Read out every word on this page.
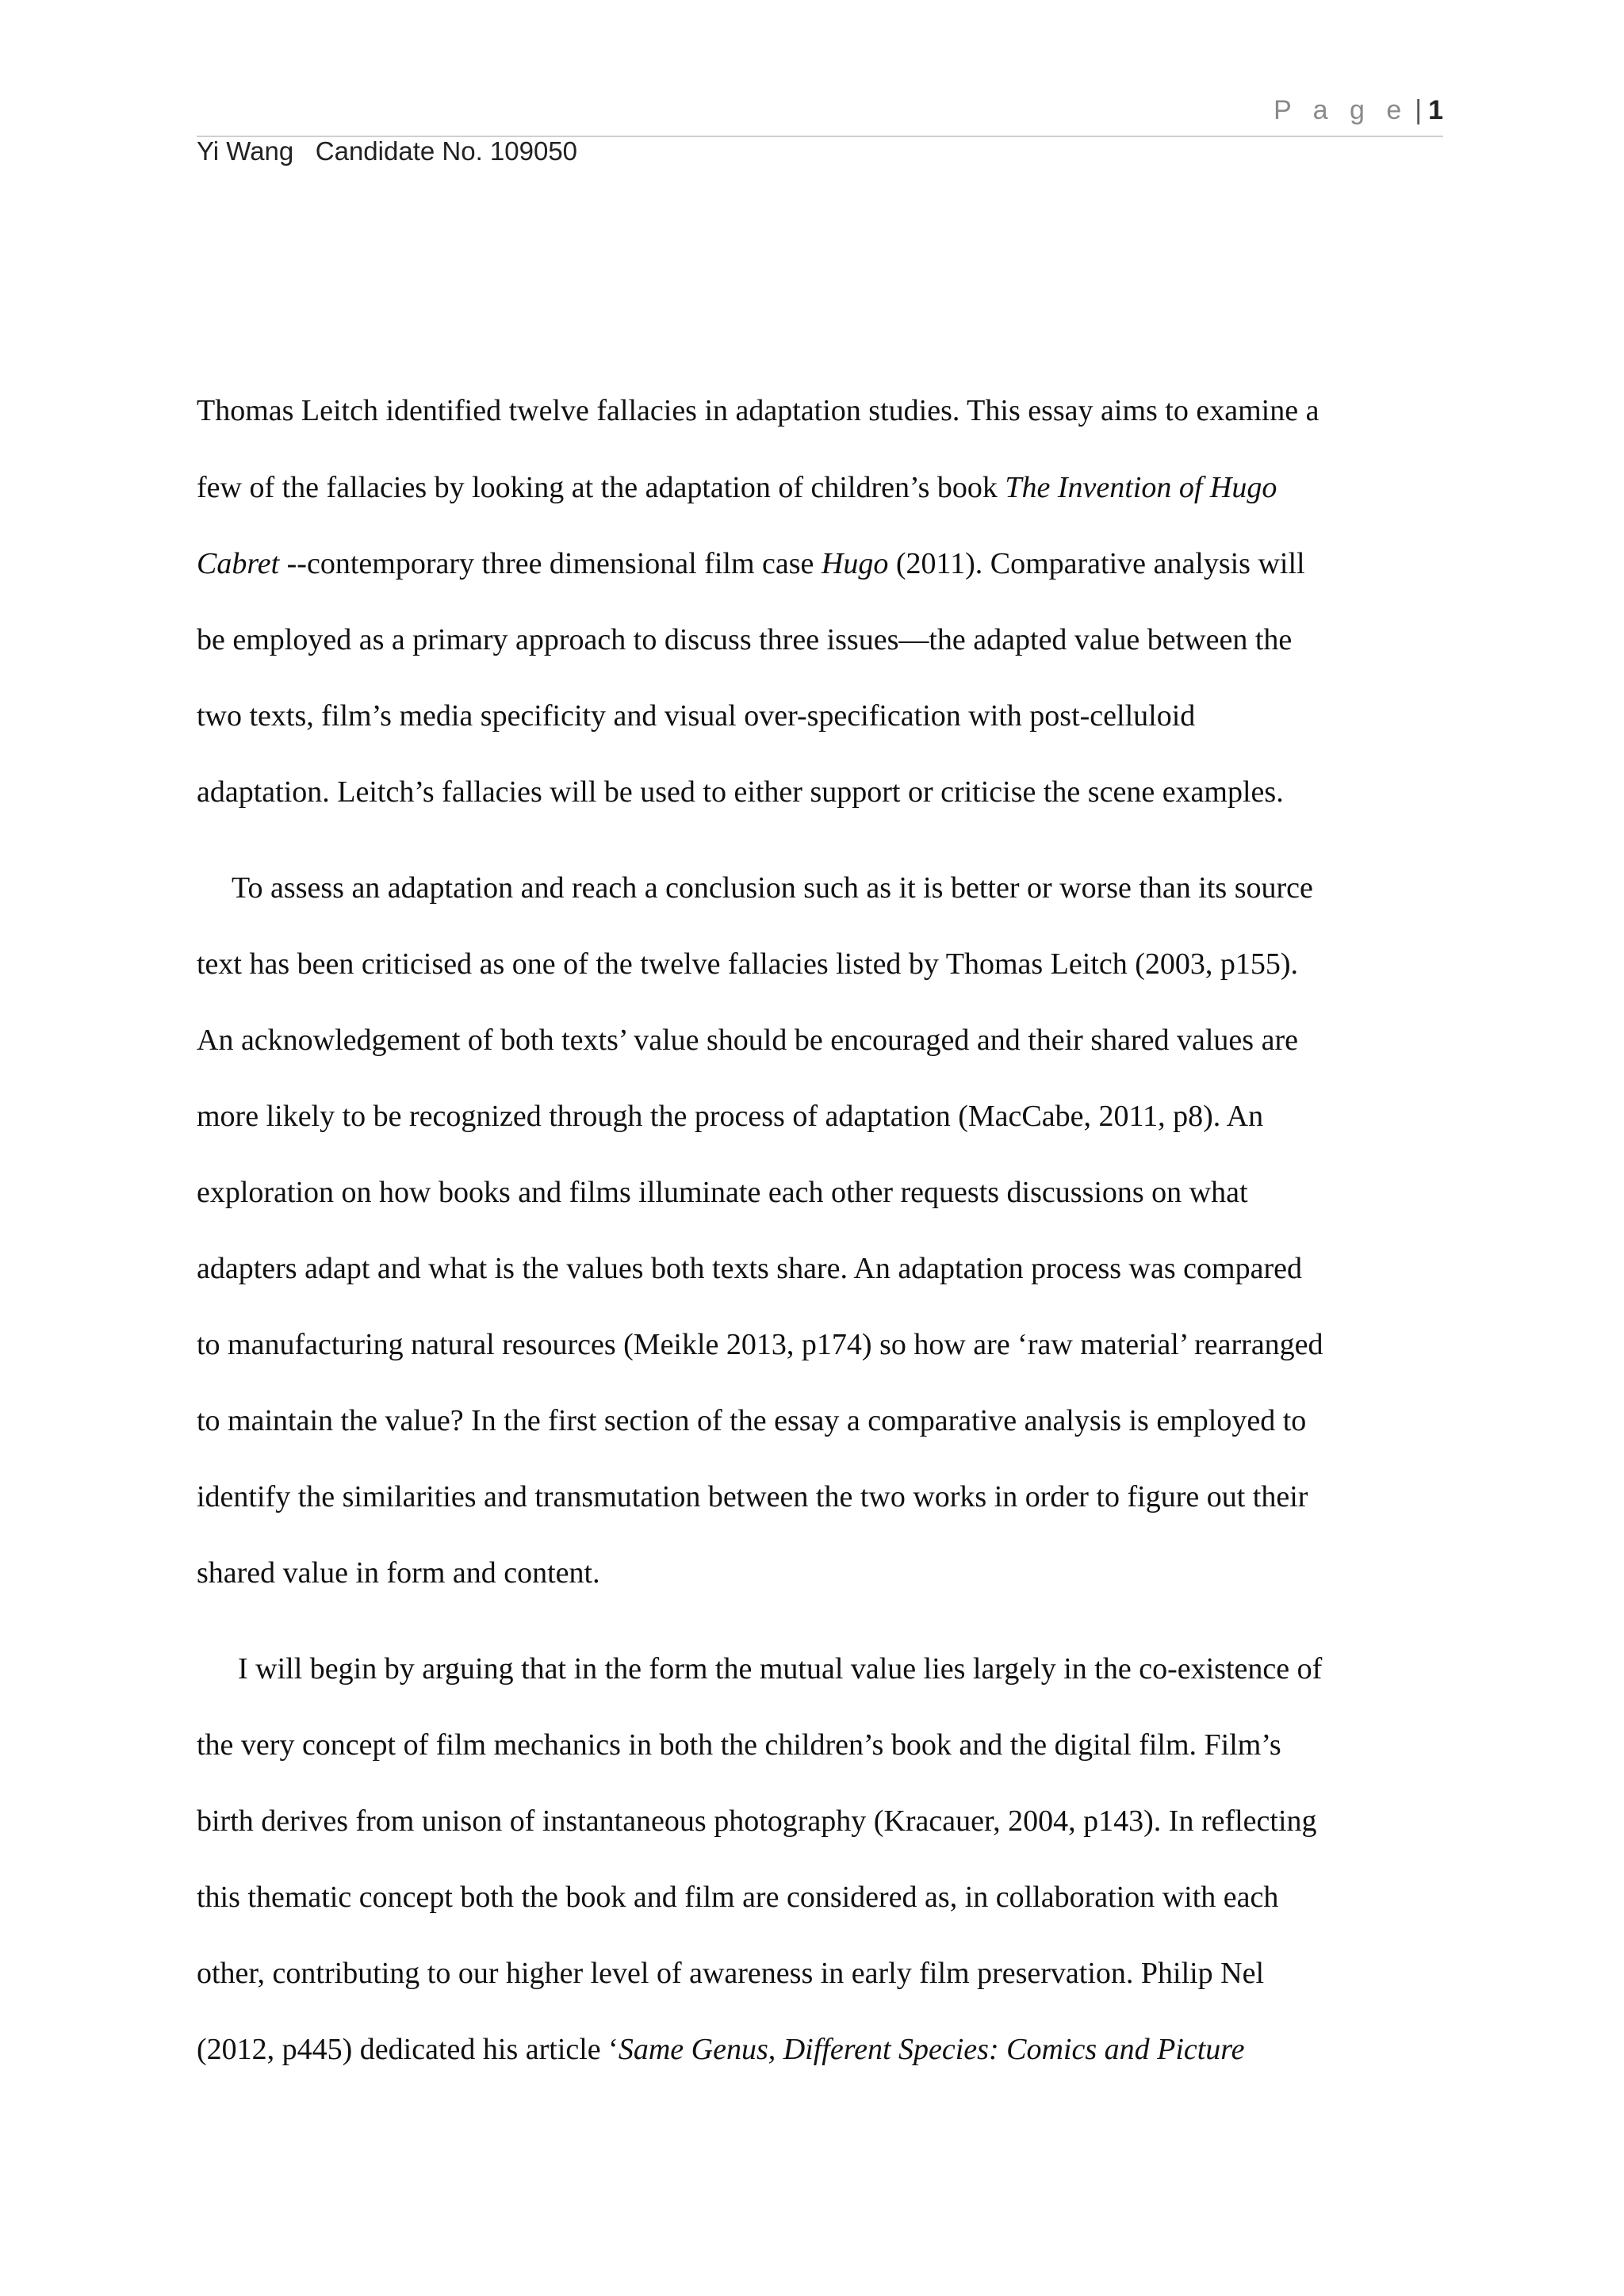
P a g e | 1
Yi Wang   Candidate No. 109050
Thomas Leitch identified twelve fallacies in adaptation studies. This essay aims to examine a
few of the fallacies by looking at the adaptation of children’s book The Invention of Hugo
Cabret --contemporary three dimensional film case Hugo (2011). Comparative analysis will
be employed as a primary approach to discuss three issues—the adapted value between the
two texts, film’s media specificity and visual over-specification with post-celluloid
adaptation. Leitch’s fallacies will be used to either support or criticise the scene examples.
To assess an adaptation and reach a conclusion such as it is better or worse than its source
text has been criticised as one of the twelve fallacies listed by Thomas Leitch (2003, p155).
An acknowledgement of both texts’ value should be encouraged and their shared values are
more likely to be recognized through the process of adaptation (MacCabe, 2011, p8). An
exploration on how books and films illuminate each other requests discussions on what
adapters adapt and what is the values both texts share. An adaptation process was compared
to manufacturing natural resources (Meikle 2013, p174) so how are ‘raw material’ rearranged
to maintain the value? In the first section of the essay a comparative analysis is employed to
identify the similarities and transmutation between the two works in order to figure out their
shared value in form and content.
I will begin by arguing that in the form the mutual value lies largely in the co-existence of
the very concept of film mechanics in both the children’s book and the digital film. Film’s
birth derives from unison of instantaneous photography (Kracauer, 2004, p143). In reflecting
this thematic concept both the book and film are considered as, in collaboration with each
other, contributing to our higher level of awareness in early film preservation. Philip Nel
(2012, p445) dedicated his article ‘Same Genus, Different Species: Comics and Picture
